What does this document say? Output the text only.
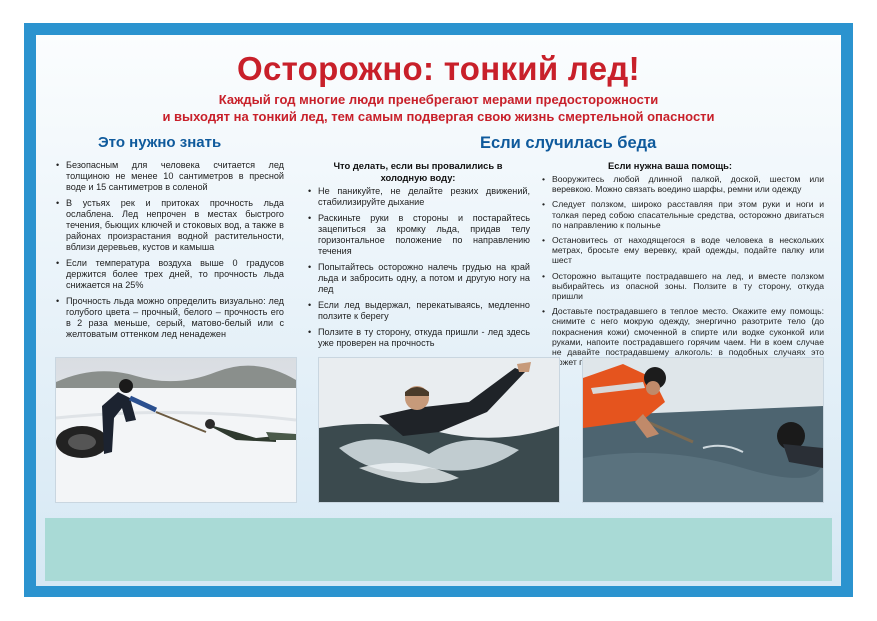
Осторожно: тонкий лед!
Каждый год многие люди пренебрегают мерами предосторожности
и выходят на тонкий лед, тем самым подвергая свою жизнь смертельной опасности
Это нужно знать
• Безопасным для человека считается лед толщиною не менее 10 сантиметров в пресной воде и 15 сантиметров в соленой
• В устьях рек и притоках прочность льда ослаблена. Лед непрочен в местах быстрого течения, бьющих ключей и стоковых вод, а также в районах произрастания водной растительности, вблизи деревьев, кустов и камыша
• Если температура воздуха выше 0 градусов держится более трех дней, то прочность льда снижается на 25%
• Прочность льда можно определить визуально: лед голубого цвета – прочный, белого – прочность его в 2 раза меньше, серый, матово-белый или с желтоватым оттенком лед ненадежен
Если случилась беда
Что делать, если вы провалились в холодную воду:
• Не паникуйте, не делайте резких движений, стабилизируйте дыхание
• Раскиньте руки в стороны и постарайтесь зацепиться за кромку льда, придав телу горизонтальное положение по направлению течения
• Попытайтесь осторожно налечь грудью на край льда и забросить одну, а потом и другую ногу на лед
• Если лед выдержал, перекатываясь, медленно ползите к берегу
• Ползите в ту сторону, откуда пришли - лед здесь уже проверен на прочность
Если нужна ваша помощь:
• Вооружитесь любой длинной палкой, доской, шестом или веревкою. Можно связать воедино шарфы, ремни или одежду
• Следует ползком, широко расставляя при этом руки и ноги и толкая перед собою спасательные средства, осторожно двигаться по направлению к полынье
• Остановитесь от находящегося в воде человека в нескольких метрах, бросьте ему веревку, край одежды, подайте палку или шест
• Осторожно вытащите пострадавшего на лед, и вместе ползком выбирайтесь из опасной зоны. Ползите в ту сторону, откуда пришли
• Доставьте пострадавшего в теплое место. Окажите ему помощь: снимите с него мокрую одежду, энергично разотрите тело (до покраснения кожи) смоченной в спирте или водке суконкой или руками, напоите пострадавшего горячим чаем. Ни в коем случае не давайте пострадавшему алкоголь: в подобных случаях это может
